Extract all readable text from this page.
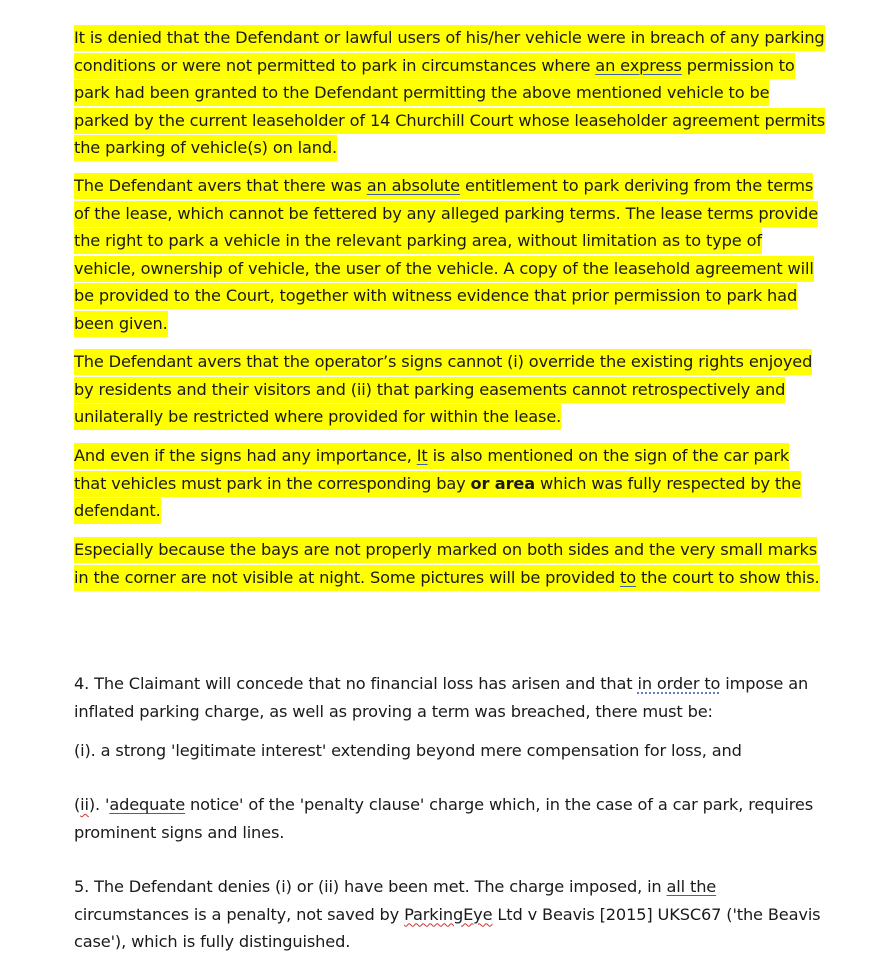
It is denied that the Defendant or lawful users of his/her vehicle were in breach of any parking conditions or were not permitted to park in circumstances where an express permission to park had been granted to the Defendant permitting the above mentioned vehicle to be parked by the current leaseholder of 14 Churchill Court whose leaseholder agreement permits the parking of vehicle(s) on land.

The Defendant avers that there was an absolute entitlement to park deriving from the terms of the lease, which cannot be fettered by any alleged parking terms. The lease terms provide the right to park a vehicle in the relevant parking area, without limitation as to type of vehicle, ownership of vehicle, the user of the vehicle. A copy of the leasehold agreement will be provided to the Court, together with witness evidence that prior permission to park had been given.

The Defendant avers that the operator’s signs cannot (i) override the existing rights enjoyed by residents and their visitors and (ii) that parking easements cannot retrospectively and unilaterally be restricted where provided for within the lease.

And even if the signs had any importance, It is also mentioned on the sign of the car park that vehicles must park in the corresponding bay or area which was fully respected by the defendant.

Especially because the bays are not properly marked on both sides and the very small marks in the corner are not visible at night. Some pictures will be provided to the court to show this.

4. The Claimant will concede that no financial loss has arisen and that in order to impose an inflated parking charge, as well as proving a term was breached, there must be:

(i). a strong 'legitimate interest' extending beyond mere compensation for loss, and

(ii). 'adequate notice' of the 'penalty clause' charge which, in the case of a car park, requires prominent signs and lines.

5. The Defendant denies (i) or (ii) have been met. The charge imposed, in all the circumstances is a penalty, not saved by ParkingEye Ltd v Beavis [2015] UKSC67 ('the Beavis case'), which is fully distinguished.
